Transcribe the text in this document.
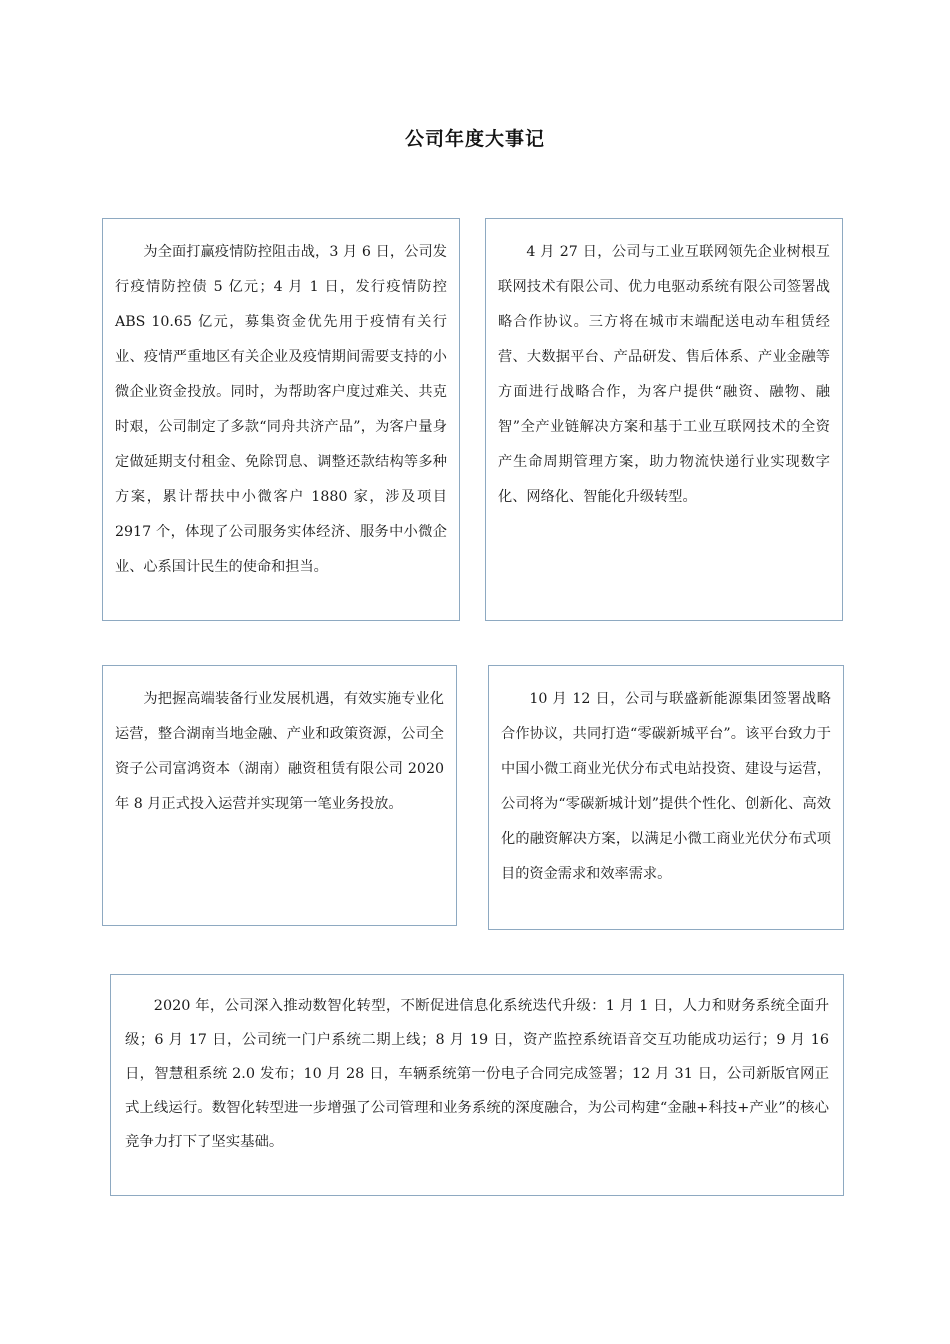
公司年度大事记
为全面打赢疫情防控阻击战，3 月 6 日，公司发行疫情防控债 5 亿元；4 月 1 日，发行疫情防控 ABS 10.65 亿元，募集资金优先用于疫情有关行业、疫情严重地区有关企业及疫情期间需要支持的小微企业资金投放。同时，为帮助客户度过难关、共克时艰，公司制定了多款“同舟共济产品”，为客户量身定做延期支付租金、免除罚息、调整还款结构等多种方案，累计帮扶中小微客户 1880 家，涉及项目 2917 个，体现了公司服务实体经济、服务中小微企业、心系国计民生的使命和担当。
4 月 27 日，公司与工业互联网领先企业树根互联网技术有限公司、优力电驱动系统有限公司签署战略合作协议。三方将在城市末端配送电动车租赁经营、大数据平台、产品研发、售后体系、产业金融等方面进行战略合作，为客户提供“融资、融物、融智”全产业链解决方案和基于工业互联网技术的全资产生命周期管理方案，助力物流快递行业实现数字化、网络化、智能化升级转型。
为把握高端装备行业发展机遇，有效实施专业化运营，整合湖南当地金融、产业和政策资源，公司全资子公司富鸿资本（湖南）融资租赁有限公司 2020 年 8 月正式投入运营并实现第一笔业务投放。
10 月 12 日，公司与联盛新能源集团签署战略合作协议，共同打造“零碳新城平台”。该平台致力于中国小微工商业光伏分布式电站投资、建设与运营，公司将为“零碳新城计划”提供个性化、创新化、高效化的融资解决方案，以满足小微工商业光伏分布式项目的资金需求和效率需求。
2020 年，公司深入推动数智化转型，不断促进信息化系统迭代升级：1 月 1 日，人力和财务系统全面升级；6 月 17 日，公司统一门户系统二期上线；8 月 19 日，资产监控系统语音交互功能成功运行；9 月 16 日，智慧租系统 2.0 发布；10 月 28 日，车辆系统第一份电子合同完成签署；12 月 31 日，公司新版官网正式上线运行。数智化转型进一步增强了公司管理和业务系统的深度融合，为公司构建“金融+科技+产业”的核心竞争力打下了坚实基础。
